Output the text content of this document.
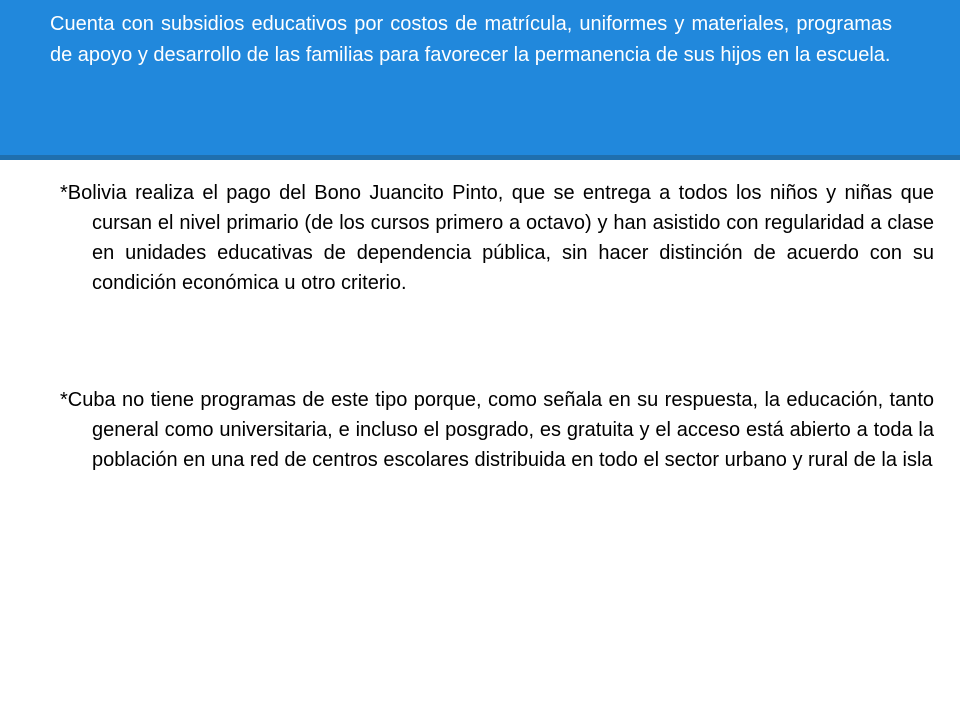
Cuenta con subsidios educativos por costos de matrícula, uniformes y materiales, programas de apoyo y desarrollo de las familias para favorecer la permanencia de sus hijos en la escuela.

*Bolivia realiza el pago del Bono Juancito Pinto, que se entrega a todos los niños y niñas que cursan el nivel primario (de los cursos primero a octavo) y han asistido con regularidad a clase en unidades educativas de dependencia pública, sin hacer distinción de acuerdo con su condición económica u otro criterio.

*Cuba no tiene programas de este tipo porque, como señala en su respuesta, la educación, tanto general como universitaria, e incluso el posgrado, es gratuita y el acceso está abierto a toda la población en una red de centros escolares distribuida en todo el sector urbano y rural de la isla
